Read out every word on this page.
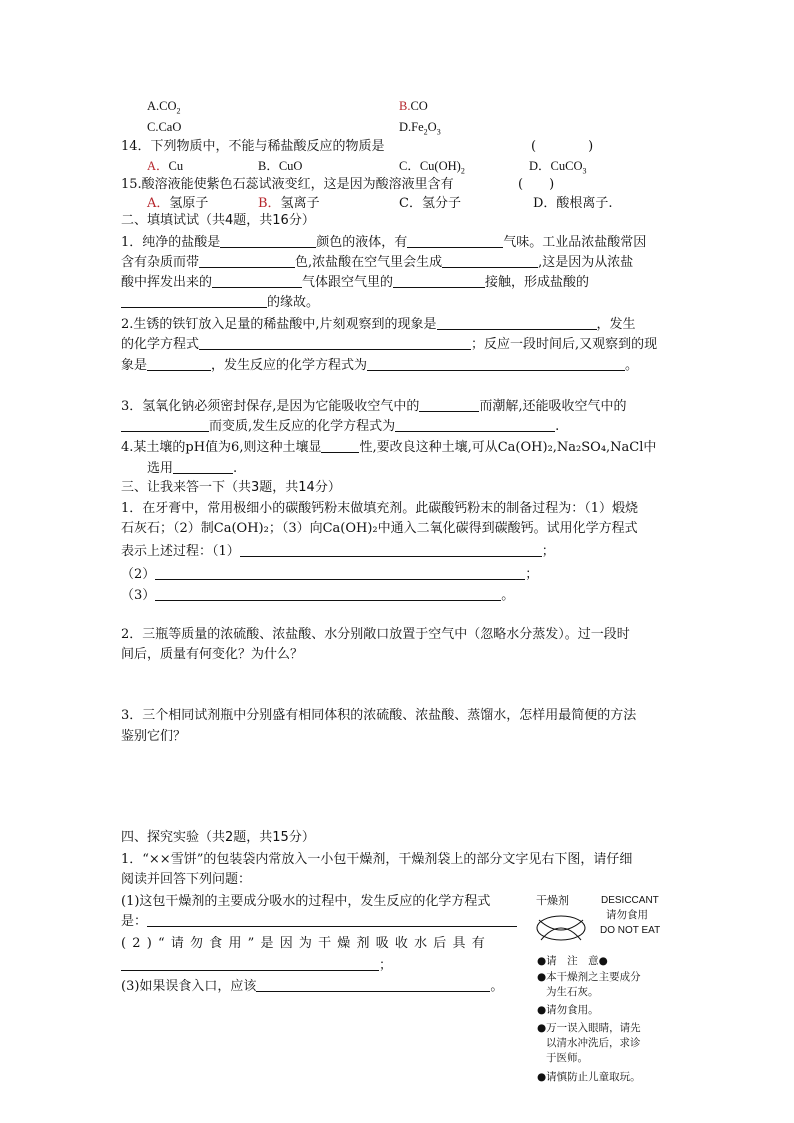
$A.CO_2$	B.CO
C.CaO	$D.Fe_2O_3$
14．下列物质中，不能与稀盐酸反应的物质是	(　　　　)
A．Cu	B．CuO	C．$Cu(OH)_2$	D．CuCO$_3$
15.酸溶液能使紫色石蕊试液变红，这是因为酸溶液里含有	(　　)
A．氢原子	B．氢离子	C．氢分子	D．酸根离子.
二、填填试试（共4题，共16分）
1．纯净的盐酸是	颜色的液体，有	气味。工业品浓盐酸常因
含有杂质而带	色,浓盐酸在空气里会生成	,这是因为从浓盐
酸中挥发出来的	气体跟空气里的	接触，形成盐酸的
的缘故。
2.生锈的铁钉放入足量的稀盐酸中,片刻观察到的现象是	，发生
的化学方程式	；反应一段时间后,又观察到的现
象是	，发生反应的化学方程式为	。
3．氢氧化钠必须密封保存,是因为它能吸收空气中的	而潮解,还能吸收空气中的
而变质,发生反应的化学方程式为	.
4.某土壤的pH值为6,则这种土壤显	性,要改良这种土壤,可从Ca(OH)₂,Na₂SO₄,NaCl中
选用	.
三、让我来答一下（共3题，共14分）
1．在牙膏中，常用极细小的碳酸钙粉末做填充剂。此碳酸钙粉末的制备过程为：（1）煅烧
石灰石；（2）制Ca(OH)₂；（3）向Ca(OH)₂中通入二氧化碳得到碳酸钙。试用化学方程式
表示上述过程：（1）	；
（2）	；
（3）	。
2．三瓶等质量的浓硫酸、浓盐酸、水分别敞口放置于空气中（忽略水分蒸发）。过一段时
间后，质量有何变化？为什么？
3．三个相同试剂瓶中分别盛有相同体积的浓硫酸、浓盐酸、蒸馏水，怎样用最简便的方法
鉴别它们？
四、探究实验（共2题，共15分）
1．“××雪饼”的包装袋内常放入一小包干燥剂，干燥剂袋上的部分文字见右下图，请仔细
阅读并回答下列问题：
(1)这包干燥剂的主要成分吸水的过程中，发生反应的化学方程式
是：
(2)“请勿食用”是因为干燥剂吸收水后具有
；
(3)如果误食入口，应该	。
干燥剂	DESICCANT
请勿食用
DO NOT EAT
●请　注　意●
●本干燥剂之主要成分
为生石灰。
●请勿食用。
●万一误入眼睛，请先
以清水冲洗后，求诊
于医师。
●请慎防止儿童取玩。
